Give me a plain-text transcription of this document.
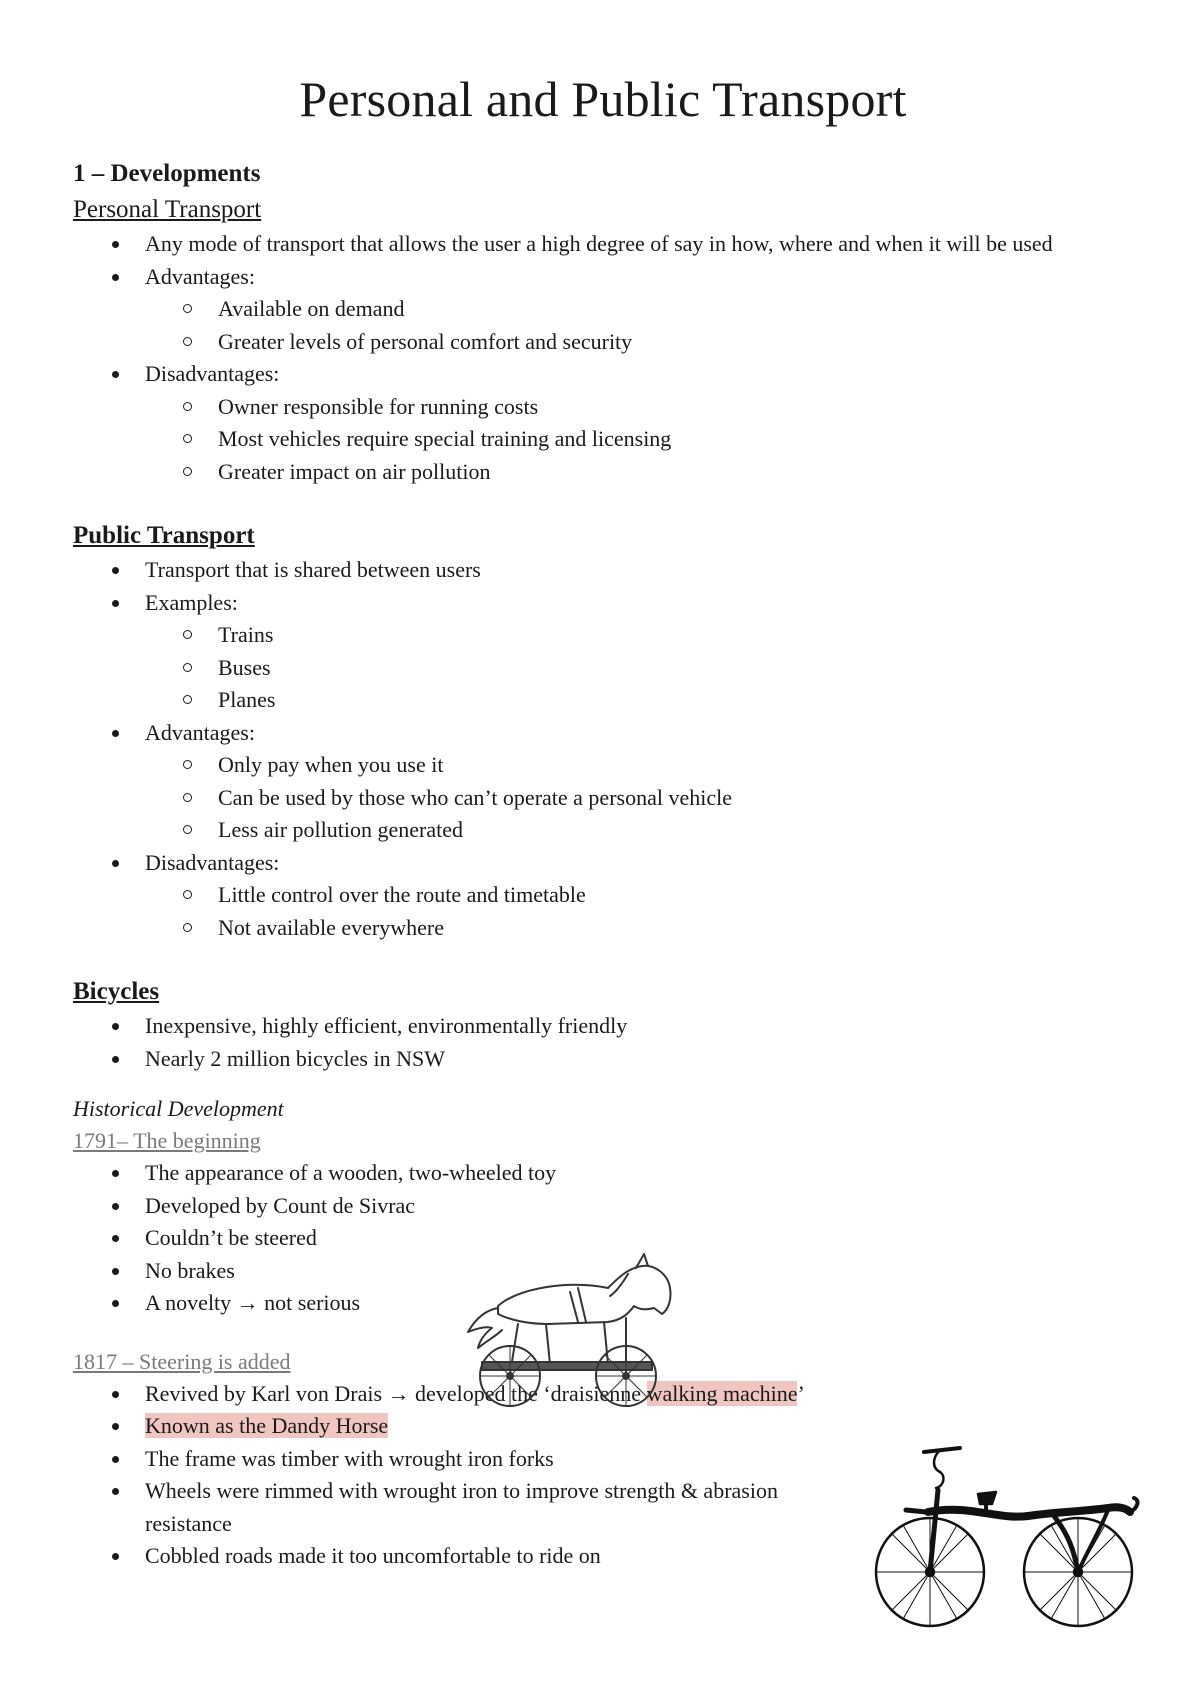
Personal and Public Transport

1 – Developments

Personal Transport

Any mode of transport that allows the user a high degree of say in how, where and when it will be used
Advantages:
Available on demand
Greater levels of personal comfort and security
Disadvantages:
Owner responsible for running costs
Most vehicles require special training and licensing
Greater impact on air pollution

Public Transport

Transport that is shared between users
Examples:
Trains
Buses
Planes
Advantages:
Only pay when you use it
Can be used by those who can’t operate a personal vehicle
Less air pollution generated
Disadvantages:
Little control over the route and timetable
Not available everywhere

Bicycles

Inexpensive, highly efficient, environmentally friendly
Nearly 2 million bicycles in NSW

Historical Development

1791– The beginning

The appearance of a wooden, two-wheeled toy
Developed by Count de Sivrac
Couldn’t be steered
No brakes
A novelty → not serious

1817 – Steering is added

Revived by Karl von Drais → developed the ‘draisienne walking machine’
Known as the Dandy Horse
The frame was timber with wrought iron forks
Wheels were rimmed with wrought iron to improve strength & abrasion resistance
Cobbled roads made it too uncomfortable to ride on
